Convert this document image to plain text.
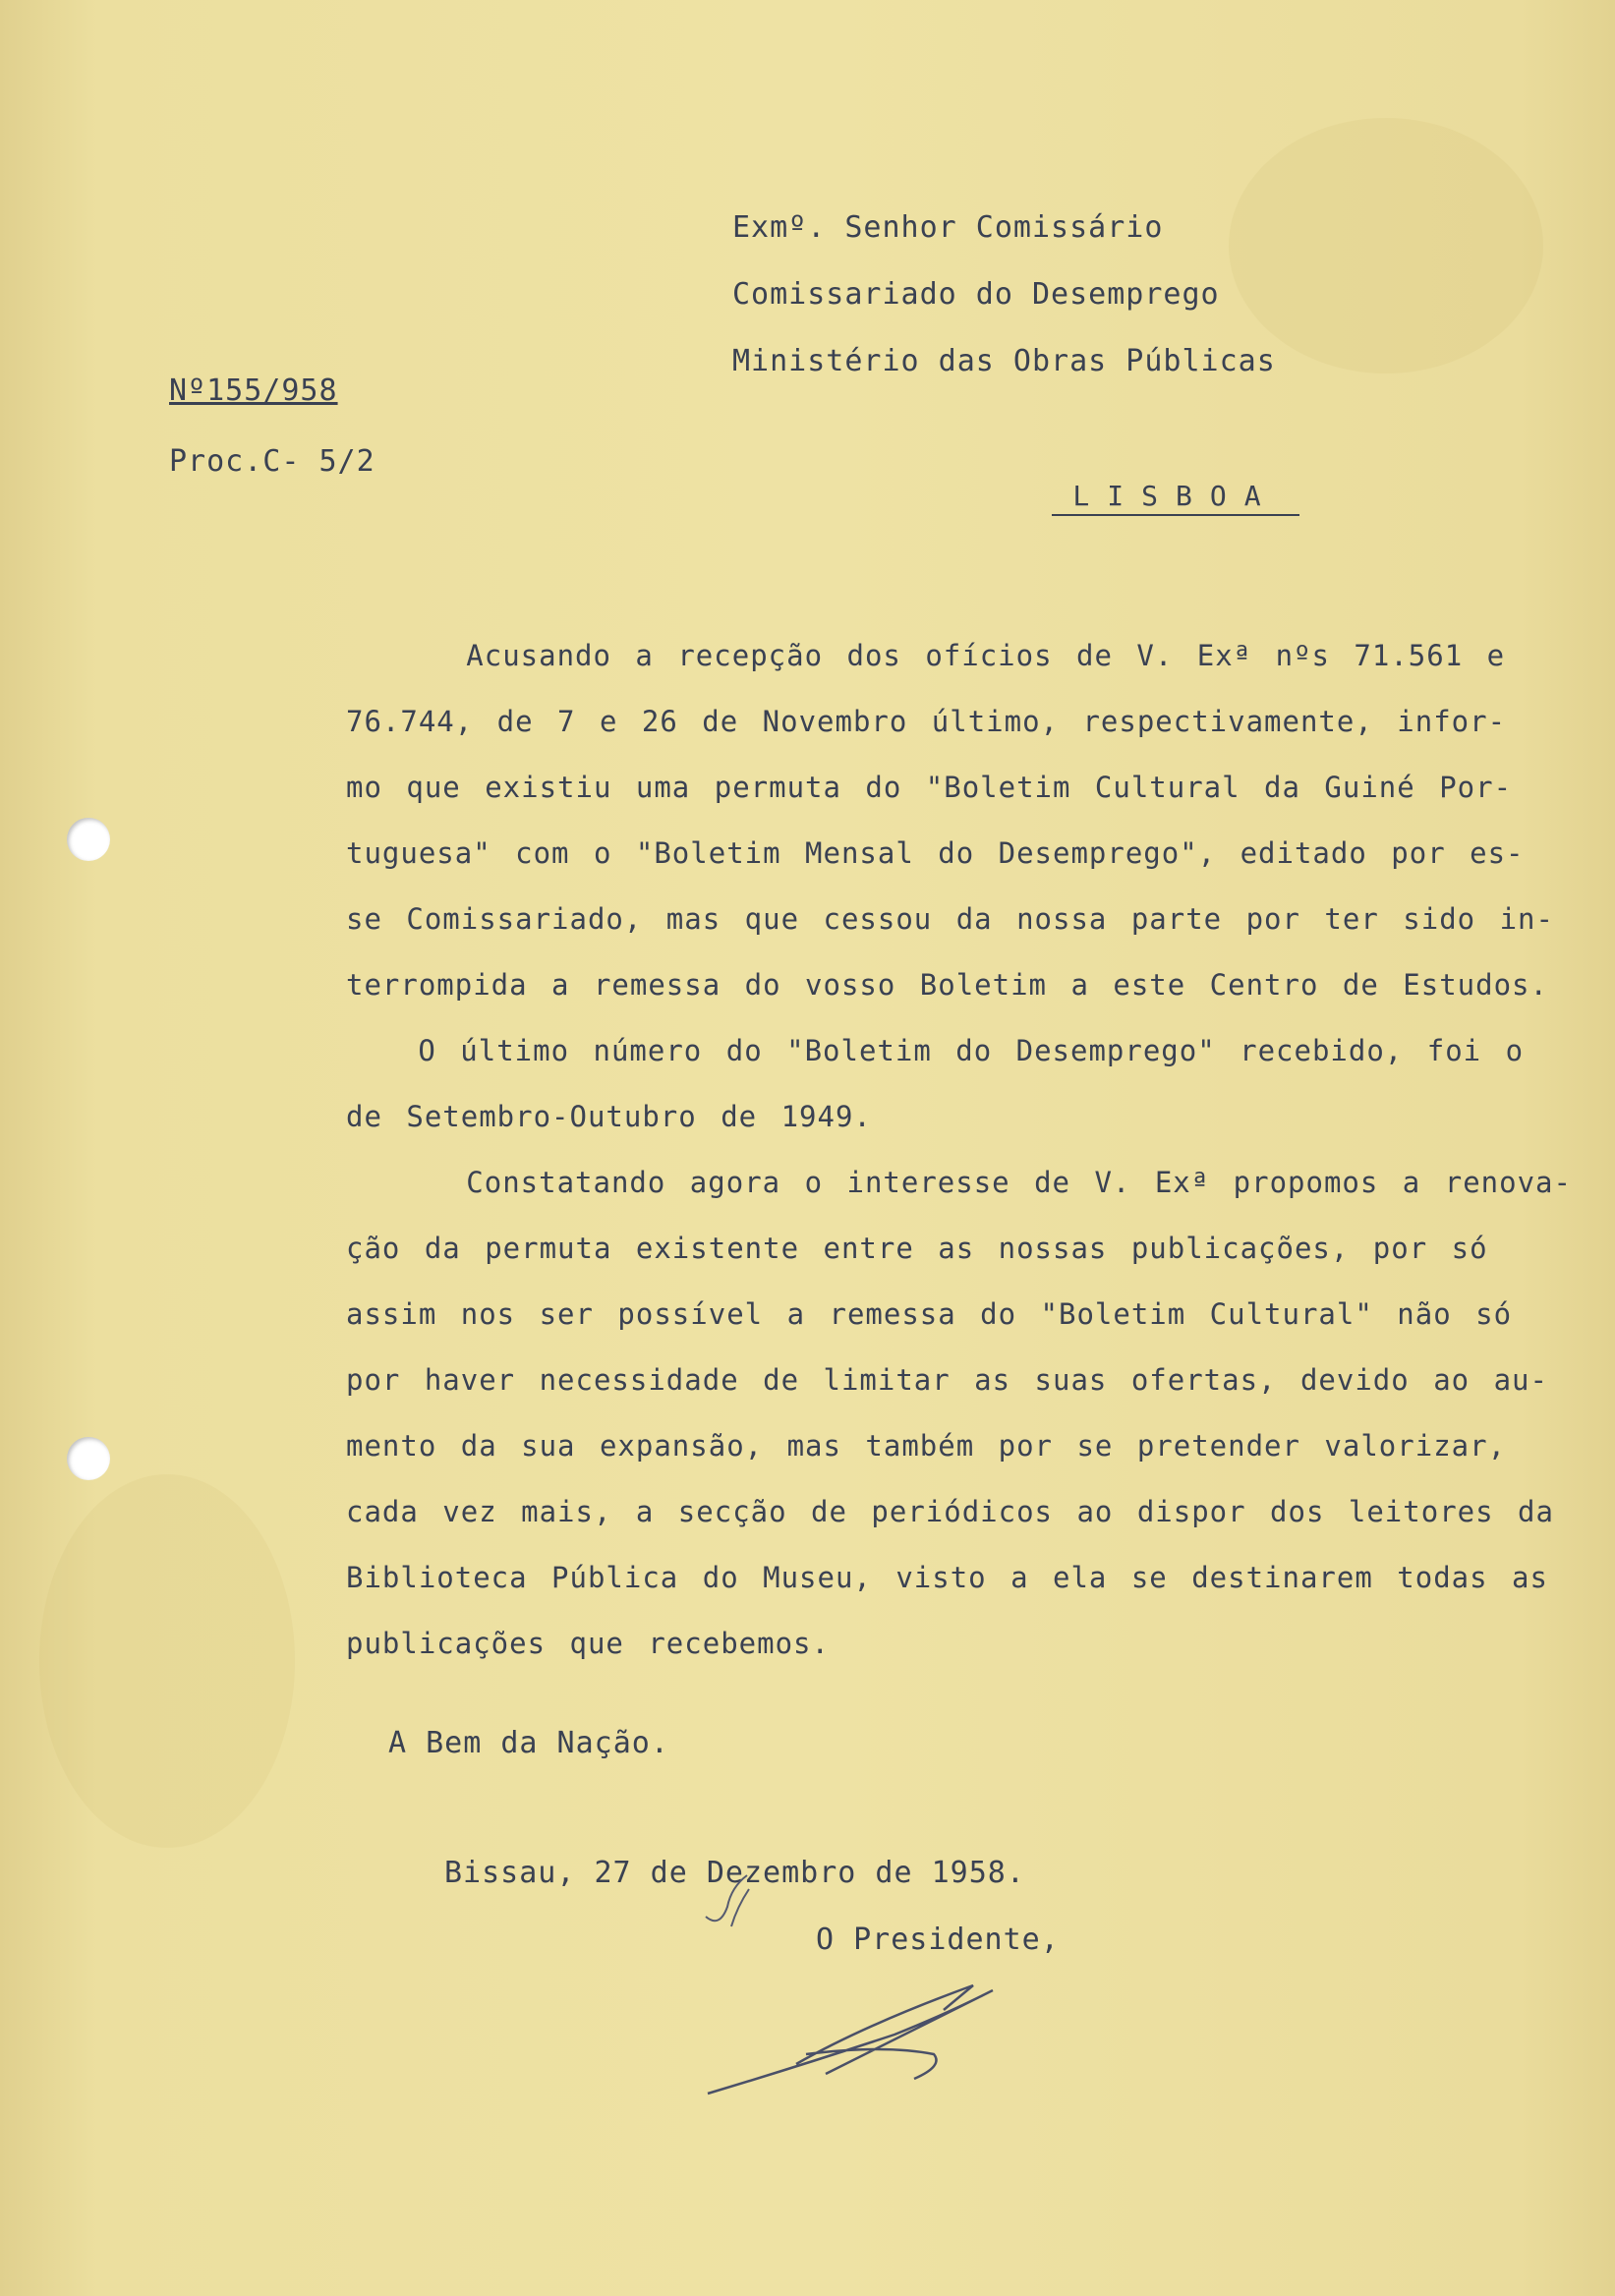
Exmº. Senhor Comissário
Comissariado do Desemprego
Ministério das Obras Públicas
Nº155/958
Proc.C- 5/2
LISBOA
Acusando a recepção dos ofícios de V. Exª nºs 71.561 e
76.744, de 7 e 26 de Novembro último, respectivamente, infor-
mo que existiu uma permuta do "Boletim Cultural da Guiné Por-
tuguesa" com o "Boletim Mensal do Desemprego", editado por es-
se Comissariado, mas que cessou da nossa parte por ter sido in-
terrompida a remessa do vosso Boletim a este Centro de Estudos.
O último número do "Boletim do Desemprego" recebido, foi o
de Setembro-Outubro de 1949.
Constatando agora o interesse de V. Exª propomos a renova-
ção da permuta existente entre as nossas publicações, por só
assim nos ser possível a remessa do "Boletim Cultural" não só
por haver necessidade de limitar as suas ofertas, devido ao au-
mento da sua expansão, mas também por se pretender valorizar,
cada vez mais, a secção de periódicos ao dispor dos leitores da
Biblioteca Pública do Museu, visto a ela se destinarem todas as
publicações que recebemos.
A Bem da Nação.
Bissau, 27 de Dezembro de 1958.
O Presidente,
